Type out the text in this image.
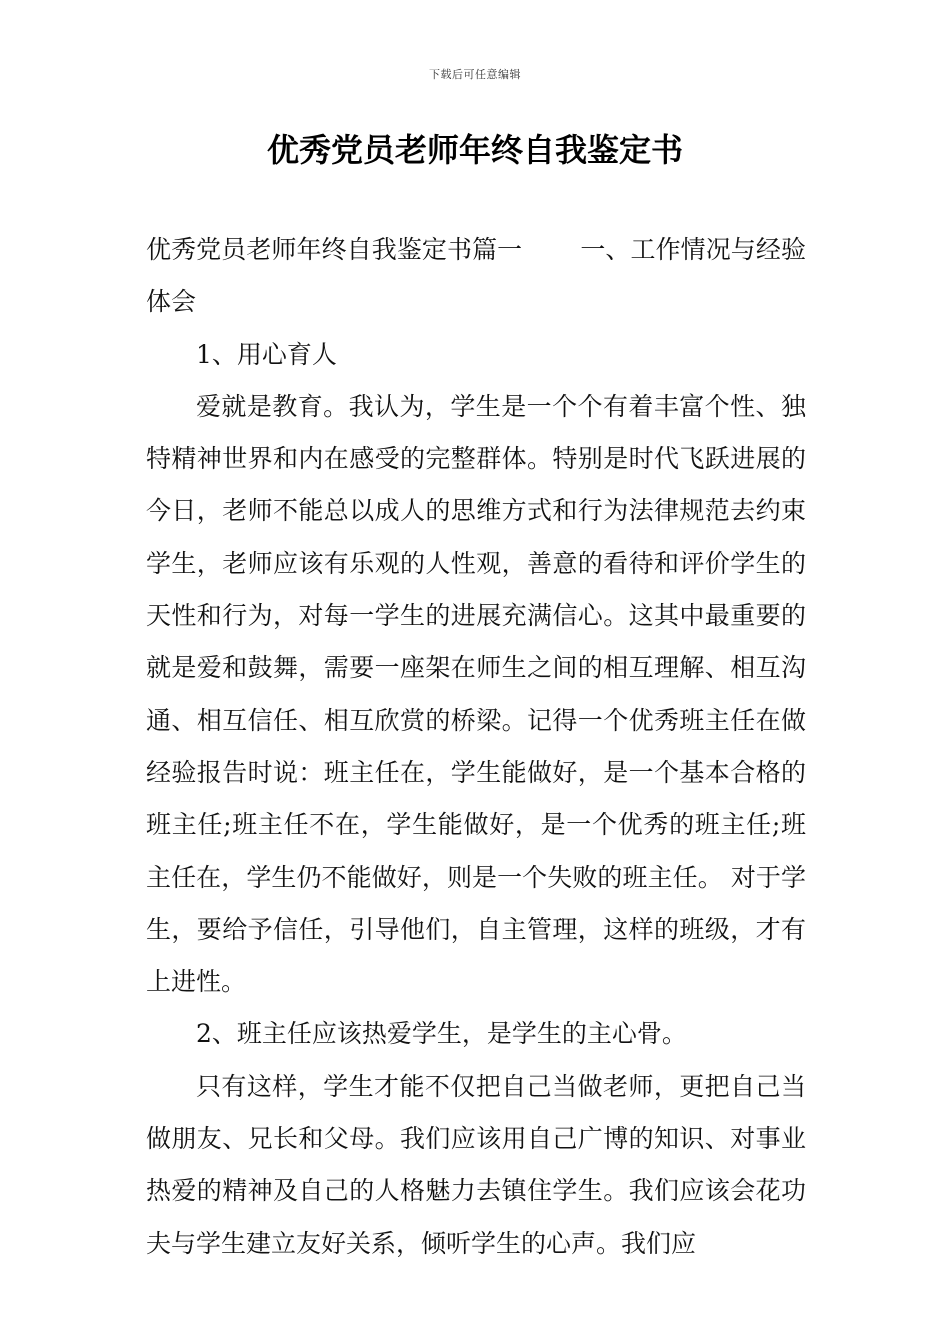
下载后可任意编辑
优秀党员老师年终自我鉴定书

优秀党员老师年终自我鉴定书篇一 一、工作情况与经验体会

1、用心育人

爱就是教育。我认为，学生是一个个有着丰富个性、独特精神世界和内在感受的完整群体。特别是时代飞跃进展的今日，老师不能总以成人的思维方式和行为法律规范去约束学生，老师应该有乐观的人性观，善意的看待和评价学生的天性和行为，对每一学生的进展充满信心。这其中最重要的就是爱和鼓舞，需要一座架在师生之间的相互理解、相互沟通、相互信任、相互欣赏的桥梁。记得一个优秀班主任在做经验报告时说：班主任在，学生能做好，是一个基本合格的班主任;班主任不在，学生能做好，是一个优秀的班主任;班主任在，学生仍不能做好，则是一个失败的班主任。 对于学生，要给予信任，引导他们，自主管理，这样的班级，才有上进性。

2、班主任应该热爱学生，是学生的主心骨。

只有这样，学生才能不仅把自己当做老师，更把自己当做朋友、兄长和父母。我们应该用自己广博的知识、对事业热爱的精神及自己的人格魅力去镇住学生。我们应该会花功夫与学生建立友好关系，倾听学生的心声。我们应
